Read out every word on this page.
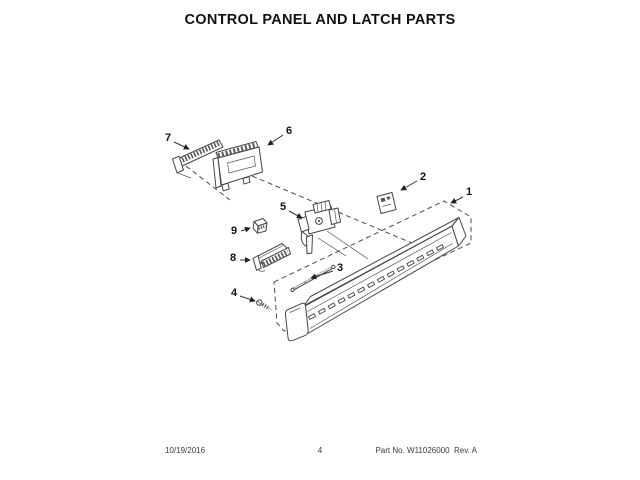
CONTROL PANEL AND LATCH PARTS
1
2
3
4
5
6
7
8
9
10/19/2016	4	Part No. W11026000  Rev. A
